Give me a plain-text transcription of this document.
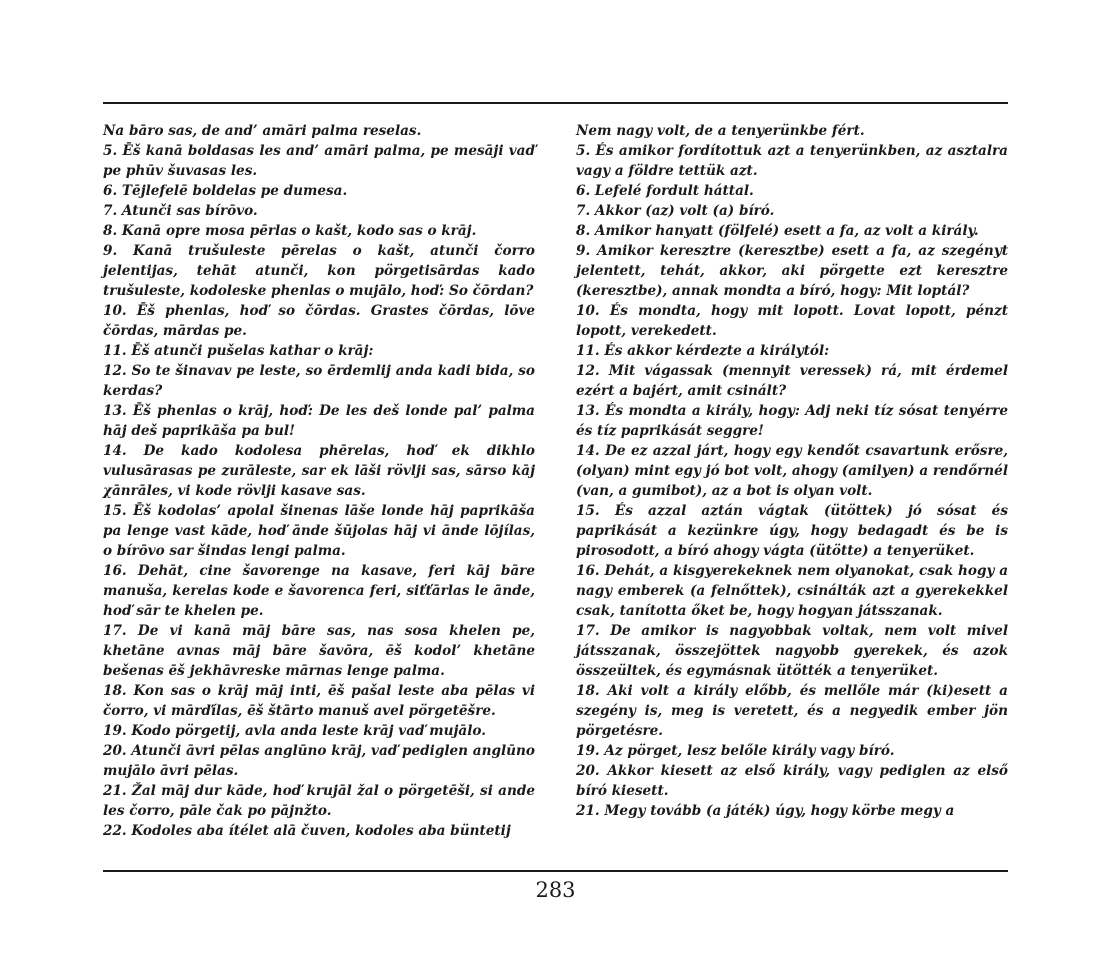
Na bāro sas, de and’ amāri palma reselas.

5. Ēš kanā boldasas les and’ amāri palma, pe mesāji vaď pe phūv šuvasas les.

6. Tējlefelē boldelas pe dumesa.

7. Atunči sas bírōvo.

8. Kanā opre mosa pērlas o kašt, kodo sas o krāj.

9. Kanā trušuleste pērelas o kašt, atunči čorro jelentijas, tehāt atunči, kon pörgetisārdas kado trušuleste, kodoleske phenlas o mujālo, hoď: So čōrdan?

10. Ēš phenlas, hoď so čōrdas. Grastes čōrdas, lōve čōrdas, mārdas pe.

11. Ēš atunči pušelas kathar o krāj:

12. So te šinavav pe leste, so ērdemlij anda kadi bida, so kerdas?

13. Ēš phenlas o krāj, hoď: De les deš londe pal’ palma hāj deš paprikāša pa bul!

14. De kado kodolesa phērelas, hoď ek dikhlo vulusārasas pe zurāleste, sar ek lāši rövlji sas, sārso kāj χānrāles, vi kode rövlji kasave sas.

15. Ēš kodolas’ apolal šinenas lāše londe hāj paprikāša pa lenge vast kāde, hoď ānde šūjolas hāj vi ānde lōjílas, o bírōvo sar šindas lengi palma.

16. Dehāt, cine šavorenge na kasave, feri kāj bāre manuša, kerelas kode e šavorenca feri, siťťārlas le ānde, hoď sār te khelen pe.

17. De vi kanā māj bāre sas, nas sosa khelen pe, khetāne avnas māj bāre šavōra, ēš kodol’ khetāne bešenas ēš jekhāvreske mārnas lenge palma.

18. Kon sas o krāj māj inti, ēš pašal leste aba pēlas vi čorro, vi mārďílas, ēš štārto manuš avel pörgetēšre.

19. Kodo pörgetij, avla anda leste krāj vaď mujālo.

20. Atunči āvri pēlas anglūno krāj, vaď pediglen anglūno mujālo āvri pēlas.

21. Žal māj dur kāde, hoď krujāl žal o pörgetēši, si ande les čorro, pāle čak po pājnžto.

22. Kodoles aba ítélet alā čuven, kodoles aba büntetij

Nem nagy volt, de a tenyerünkbe fért.

5. És amikor fordítottuk azt a tenyerünkben, az asztalra vagy a földre tettük azt.

6. Lefelé fordult háttal.

7. Akkor (az) volt (a) bíró.

8. Amikor hanyatt (fölfelé) esett a fa, az volt a király.

9. Amikor keresztre (keresztbe) esett a fa, az szegényt jelentett, tehát, akkor, aki pörgette ezt keresztre (keresztbe), annak mondta a bíró, hogy: Mit loptál?

10. És mondta, hogy mit lopott. Lovat lopott, pénzt lopott, verekedett.

11. És akkor kérdezte a királytól:

12. Mit vágassak (mennyit veressek) rá, mit érdemel ezért a bajért, amit csinált?

13. És mondta a király, hogy: Adj neki tíz sósat tenyérre és tíz paprikását seggre!

14. De ez azzal járt, hogy egy kendőt csavartunk erősre, (olyan) mint egy jó bot volt, ahogy (amilyen) a rendőrnél (van, a gumibot), az a bot is olyan volt.

15. És azzal aztán vágtak (ütöttek) jó sósat és paprikását a kezünkre úgy, hogy bedagadt és be is pirosodott, a bíró ahogy vágta (ütötte) a tenyerüket.

16. Dehát, a kisgyerekeknek nem olyanokat, csak hogy a nagy emberek (a felnőttek), csinálták azt a gyerekekkel csak, tanította őket be, hogy hogyan játsszanak.

17. De amikor is nagyobbak voltak, nem volt mivel játsszanak, összejöttek nagyobb gyerekek, és azok összeültek, és egymásnak ütötték a tenyerüket.

18. Aki volt a király előbb, és mellőle már (ki)esett a szegény is, meg is veretett, és a negyedik ember jön pörgetésre.

19. Az pörget, lesz belőle király vagy bíró.

20. Akkor kiesett az első király, vagy pediglen az első bíró kiesett.

21. Megy tovább (a játék) úgy, hogy körbe megy a

283
